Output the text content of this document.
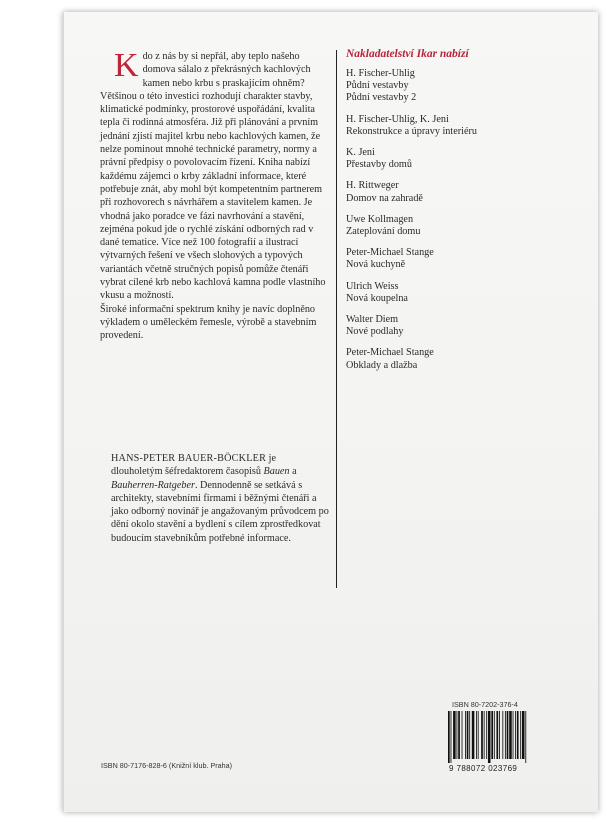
Kdo z nás by si nepřál, aby teplo našeho domova sálalo z překrásných kachlových kamen nebo krbu s praskajícím ohněm? Většinou o této investici rozhodují charakter stavby, klimatické podmínky, prostorové uspořádání, kvalita tepla či rodinná atmosféra. Již při plánování a prvním jednání zjistí majitel krbu nebo kachlových kamen, že nelze pominout mnohé technické parametry, normy a právní předpisy o povolovacím řízení. Kniha nabízí každému zájemci o krby základní informace, které potřebuje znát, aby mohl být kompetentním partnerem při rozhovorech s návrhářem a stavitelem kamen. Je vhodná jako poradce ve fázi navrhování a stavění, zejména pokud jde o rychlé získání odborných rad v dané tematice. Více než 100 fotografií a ilustrací výtvarných řešení ve všech slohových a typových variantách včetně stručných popisů pomůže čtenáři vybrat cílené krb nebo kachlová kamna podle vlastního vkusu a možností.
Široké informační spektrum knihy je navíc doplněno výkladem o uměleckém řemesle, výrobě a stavebním provedení.

HANS-PETER BAUER-BÖCKLER je dlouholetým šéfredaktorem časopisů Bauen a Bauherren-Ratgeber. Dennodenně se setkává s architekty, stavebními firmami i běžnými čtenáři a jako odborný novinář je angažovaným průvodcem po dění okolo stavění a bydlení s cílem zprostředkovat budoucím stavebníkům potřebné informace.

Nakladatelství Ikar nabízí

H. Fischer-Uhlig
Půdní vestavby
Půdní vestavby 2
H. Fischer-Uhlig, K. Jeni
Rekonstrukce a úpravy interiéru
K. Jeni
Přestavby domů
H. Rittweger
Domov na zahradě
Uwe Kollmagen
Zateplování domu
Peter-Michael Stange
Nová kuchyně
Ulrich Weiss
Nová koupelna
Walter Diem
Nové podlahy
Peter-Michael Stange
Obklady a dlažba
ISBN 80-7176-828-6 (Knižní klub. Praha)
ISBN 80-7202-376-4
9 788072 023769
